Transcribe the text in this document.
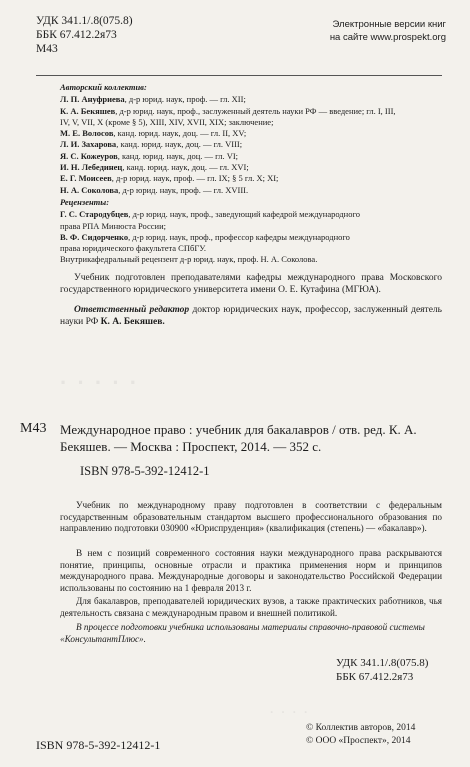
УДК 341.1/.8(075.8)
ББК 67.412.2я73
М43
Электронные версии книг
на сайте www.prospekt.org
Авторский коллектив:
Л. П. Ануфриева, д-р юрид. наук, проф. — гл. XII;
К. А. Бекяшев, д-р юрид. наук, проф., заслуженный деятель науки РФ — введение; гл. I, III,
IV, V, VII, X (кроме § 5), XIII, XIV, XVII, XIX; заключение;
М. Е. Волосов, канд. юрид. наук, доц. — гл. II, XV;
Л. И. Захарова, канд. юрид. наук, доц. — гл. VIII;
Я. С. Кожеуров, канд. юрид. наук, доц. — гл. VI;
И. Н. Лебединец, канд. юрид. наук, доц. — гл. XVI;
Е. Г. Моисеев, д-р юрид. наук, проф. — гл. IX; § 5 гл. X; XI;
Н. А. Соколова, д-р юрид. наук, проф. — гл. XVIII.
Рецензенты:
Г. С. Стародубцев, д-р юрид. наук, проф., заведующий кафедрой международного
права РПА Минюста России;
В. Ф. Сидорченко, д-р юрид. наук, проф., профессор кафедры международного
права юридического факультета СПбГУ.
Внутрикафедральный рецензент д-р юрид. наук, проф. Н. А. Соколова.
Учебник подготовлен преподавателями кафедры международного права Московского государственного юридического университета имени О. Е. Кутафина (МГЮА).
Ответственный редактор доктор юридических наук, профессор, заслуженный деятель науки РФ К. А. Бекяшев.
· · · · ·
М43 Международное право : учебник для бакалавров / отв. ред. К. А. Бекяшев. — Москва : Проспект, 2014. — 352 с.
ISBN 978-5-392-12412-1
Учебник по международному праву подготовлен в соответствии с федеральным государственным образовательным стандартом высшего профессионального образования по направлению подготовки 030900 «Юриспруденция» (квалификация (степень) — «бакалавр»).
В нем с позиций современного состояния науки международного права раскрываются понятие, принципы, основные отрасли и практика применения норм и принципов международного права. Международные договоры и законодательство Российской Федерации использованы по состоянию на 1 февраля 2013 г.
Для бакалавров, преподавателей юридических вузов, а также практических работников, чья деятельность связана с международным правом и внешней политикой.
В процессе подготовки учебника использованы материалы справочно-правовой системы «КонсультантПлюс».
УДК 341.1/.8(075.8)
ББК 67.412.2я73
· · · ·
© Коллектив авторов, 2014
© ООО «Проспект», 2014
ISBN 978-5-392-12412-1
